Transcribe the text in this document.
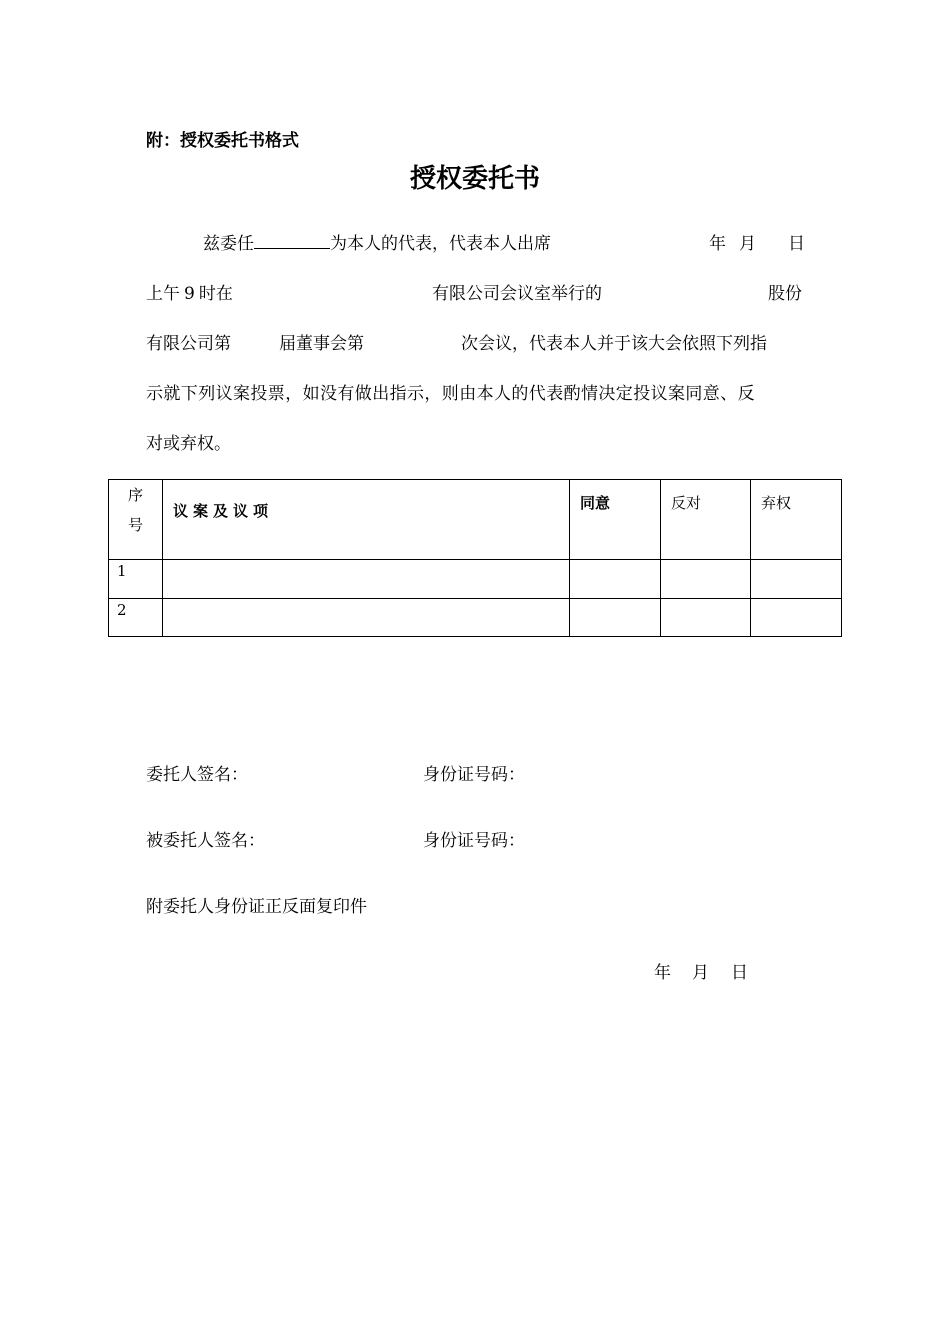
附：授权委托书格式
授权委托书
兹委任	为本人的代表，代表本人出席	年 月 日
上午 9 时在	有限公司会议室举行的	股份
有限公司第	届董事会第	次会议，代表本人并于该大会依照下列指
示就下列议案投票，如没有做出指示，则由本人的代表酌情决定投议案同意、反
对或弃权。
序
号	议案及议项	同意	反对	弃权
1				
2				
委托人签名：	身份证号码：
被委托人签名：	身份证号码：
附委托人身份证正反面复印件
年 月 日
